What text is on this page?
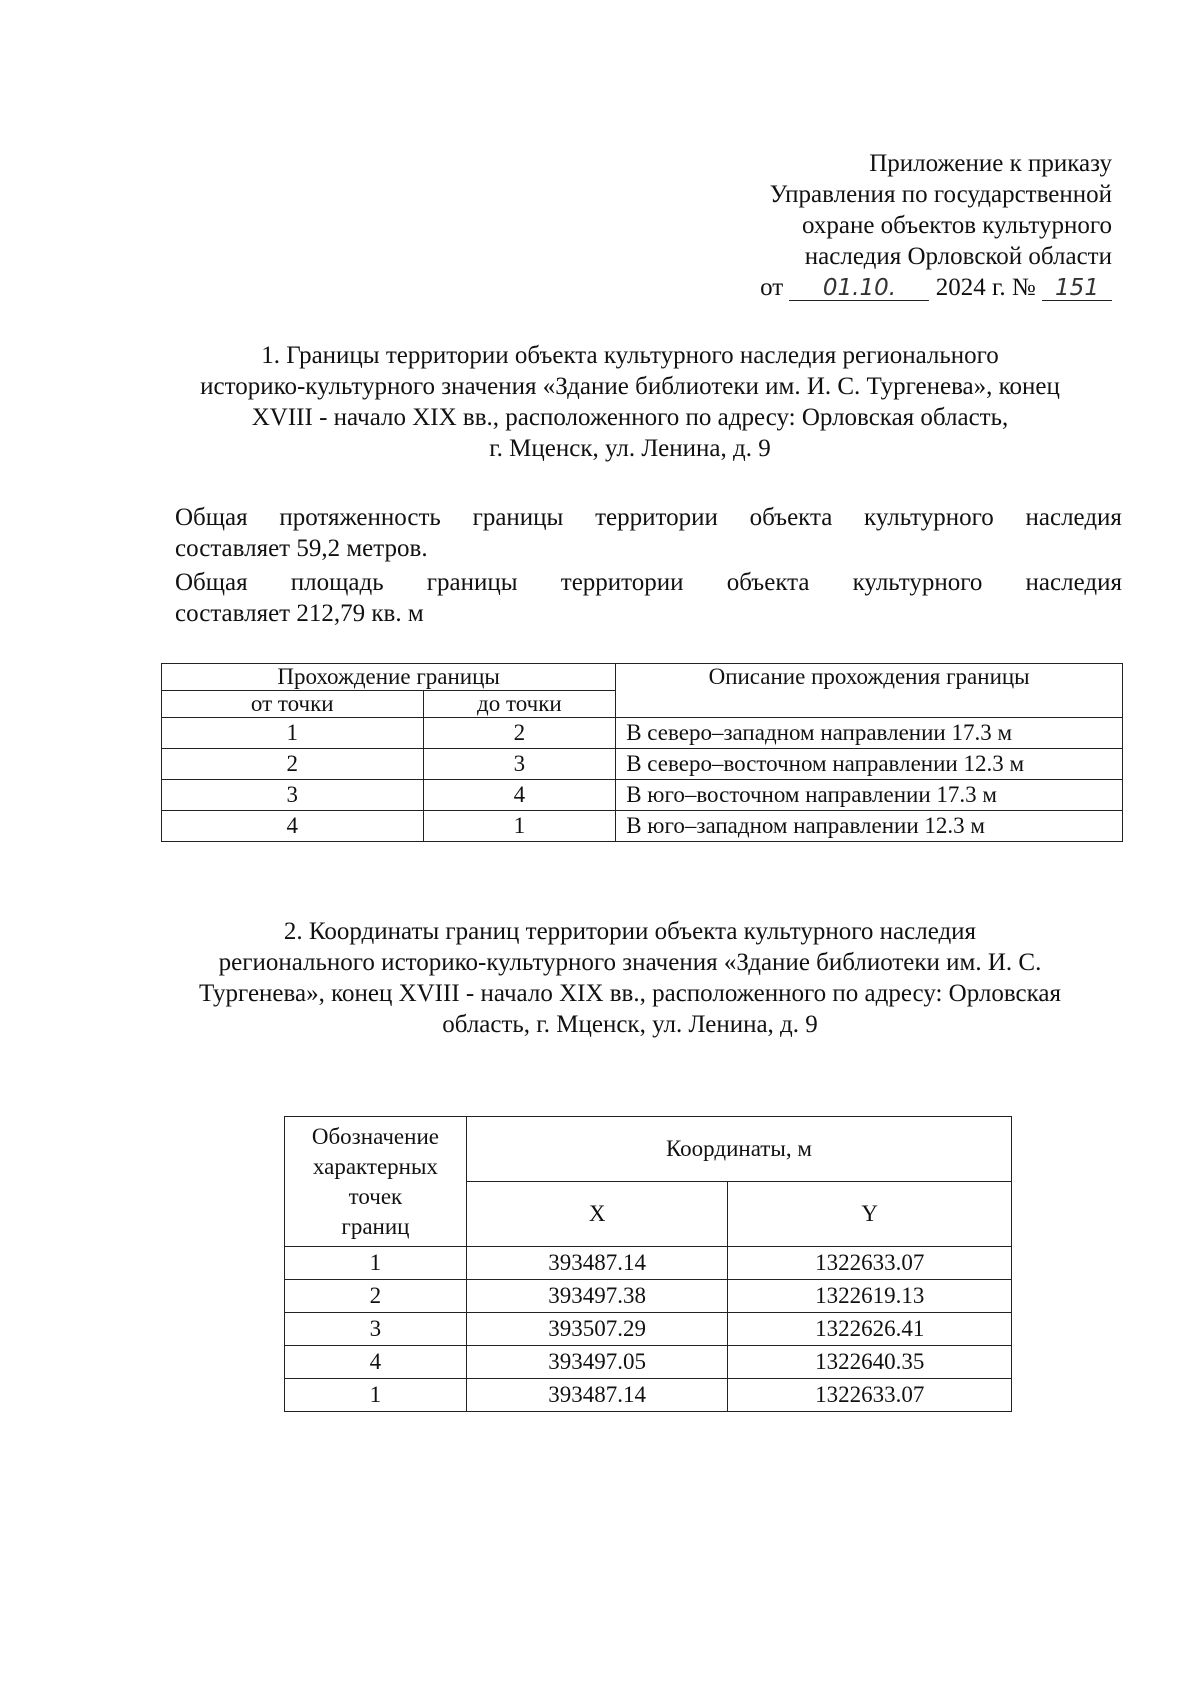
Приложение к приказу
Управления по государственной
охране объектов культурного
наследия Орловской области
от 01.10. 2024 г. № 151
1. Границы территории объекта культурного наследия регионального
историко-культурного значения «Здание библиотеки им. И. С. Тургенева», конец
XVIII - начало XIX вв., расположенного по адресу: Орловская область,
г. Мценск, ул. Ленина, д. 9
Общая протяженность границы территории объекта культурного наследия
составляет 59,2 метров.
Общая площадь границы территории объекта культурного наследия
составляет 212,79 кв. м
Прохождение границы		Описание прохождения границы
от точки	до точки	
1	2	В северо–западном направлении 17.3 м
2	3	В северо–восточном направлении 12.3 м
3	4	В юго–восточном направлении 17.3 м
4	1	В юго–западном направлении 12.3 м
2. Координаты границ территории объекта культурного наследия
регионального историко-культурного значения «Здание библиотеки им. И. С.
Тургенева», конец XVIII - начало XIX вв., расположенного по адресу: Орловская
область, г. Мценск, ул. Ленина, д. 9
Обозначение
характерных
точек
границ	Координаты, м	
	X	Y
1	393487.14	1322633.07
2	393497.38	1322619.13
3	393507.29	1322626.41
4	393497.05	1322640.35
1	393487.14	1322633.07
